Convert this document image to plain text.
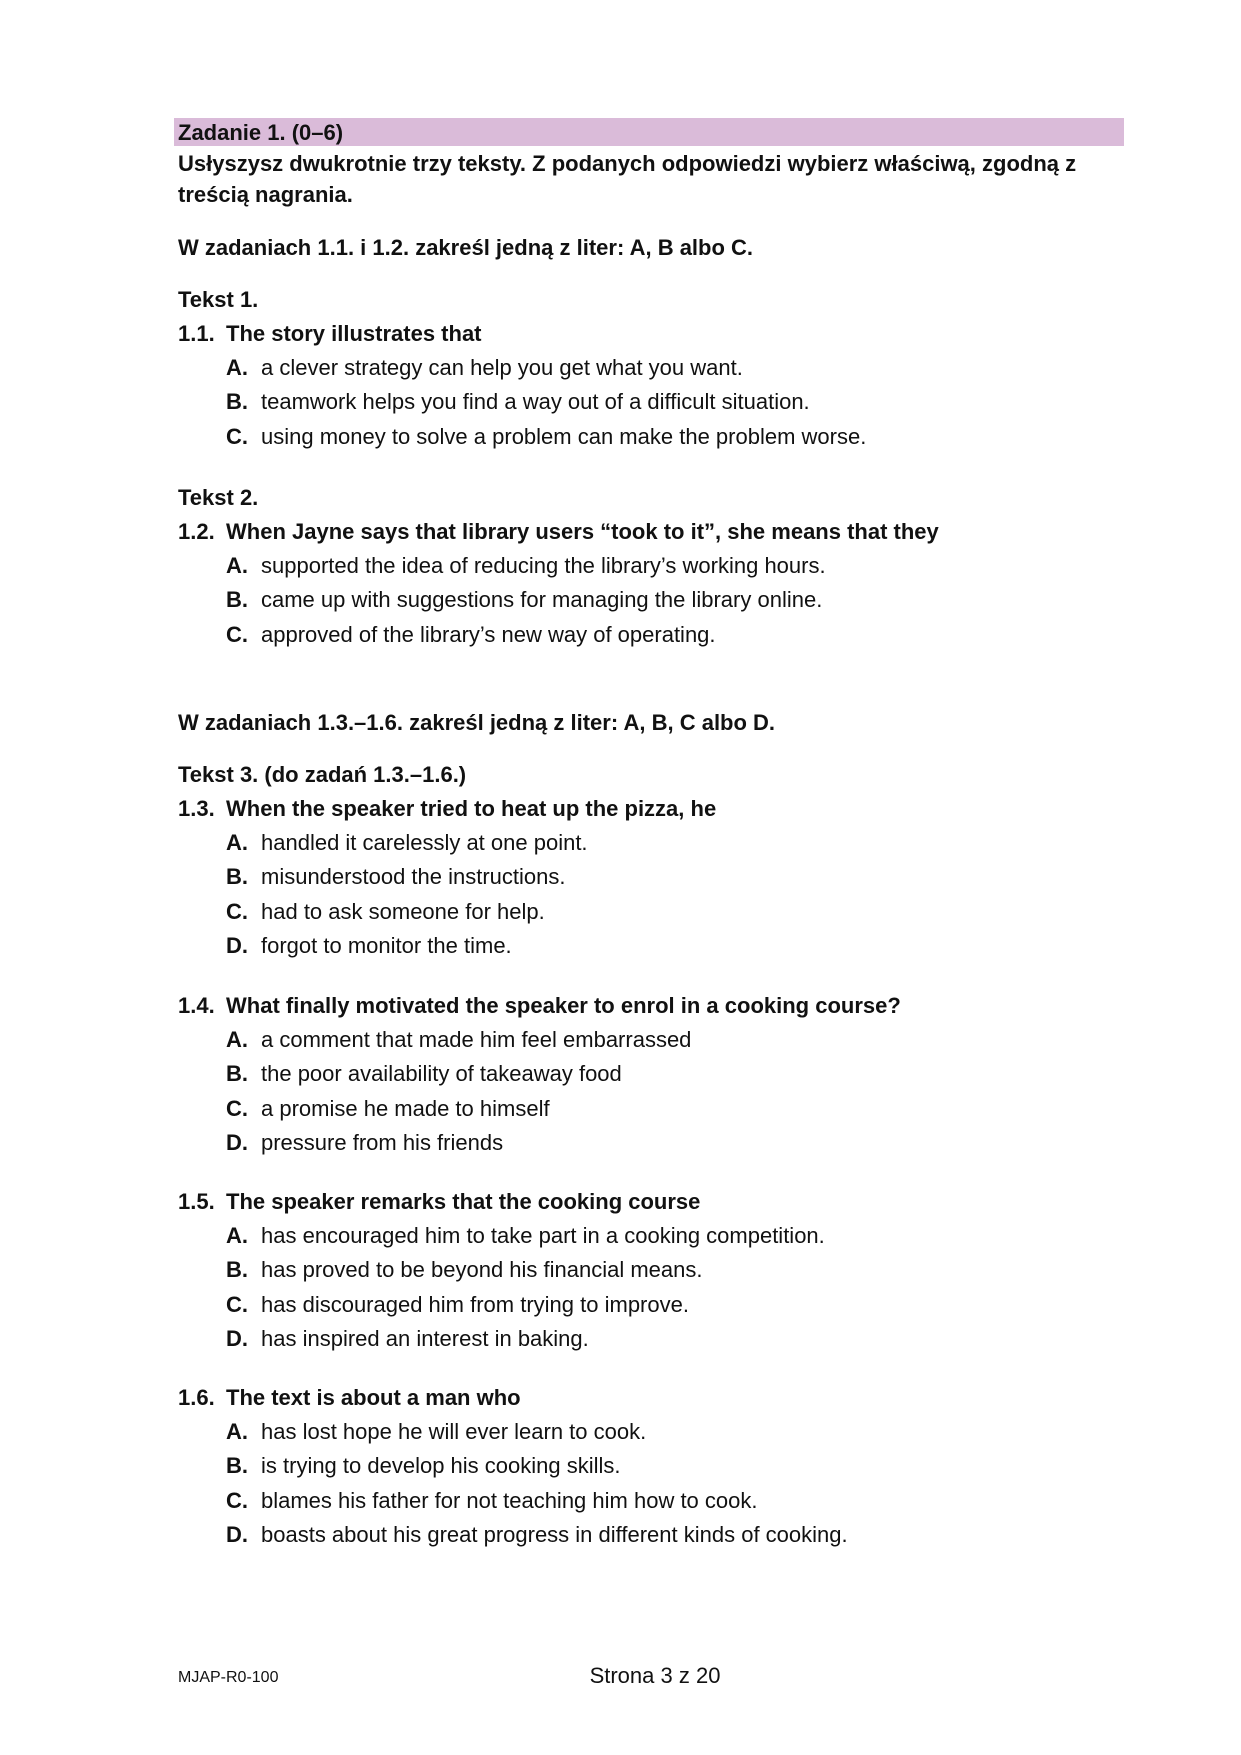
Zadanie 1. (0–6)
Usłyszysz dwukrotnie trzy teksty. Z podanych odpowiedzi wybierz właściwą, zgodną z treścią nagrania.
W zadaniach 1.1. i 1.2. zakreśl jedną z liter: A, B albo C.
Tekst 1.
1.1. The story illustrates that
A. a clever strategy can help you get what you want.
B. teamwork helps you find a way out of a difficult situation.
C. using money to solve a problem can make the problem worse.
Tekst 2.
1.2. When Jayne says that library users “took to it”, she means that they
A. supported the idea of reducing the library’s working hours.
B. came up with suggestions for managing the library online.
C. approved of the library’s new way of operating.
W zadaniach 1.3.–1.6. zakreśl jedną z liter: A, B, C albo D.
Tekst 3. (do zadań 1.3.–1.6.)
1.3. When the speaker tried to heat up the pizza, he
A. handled it carelessly at one point.
B. misunderstood the instructions.
C. had to ask someone for help.
D. forgot to monitor the time.
1.4. What finally motivated the speaker to enrol in a cooking course?
A. a comment that made him feel embarrassed
B. the poor availability of takeaway food
C. a promise he made to himself
D. pressure from his friends
1.5. The speaker remarks that the cooking course
A. has encouraged him to take part in a cooking competition.
B. has proved to be beyond his financial means.
C. has discouraged him from trying to improve.
D. has inspired an interest in baking.
1.6. The text is about a man who
A. has lost hope he will ever learn to cook.
B. is trying to develop his cooking skills.
C. blames his father for not teaching him how to cook.
D. boasts about his great progress in different kinds of cooking.
MJAP-R0-100	Strona 3 z 20
